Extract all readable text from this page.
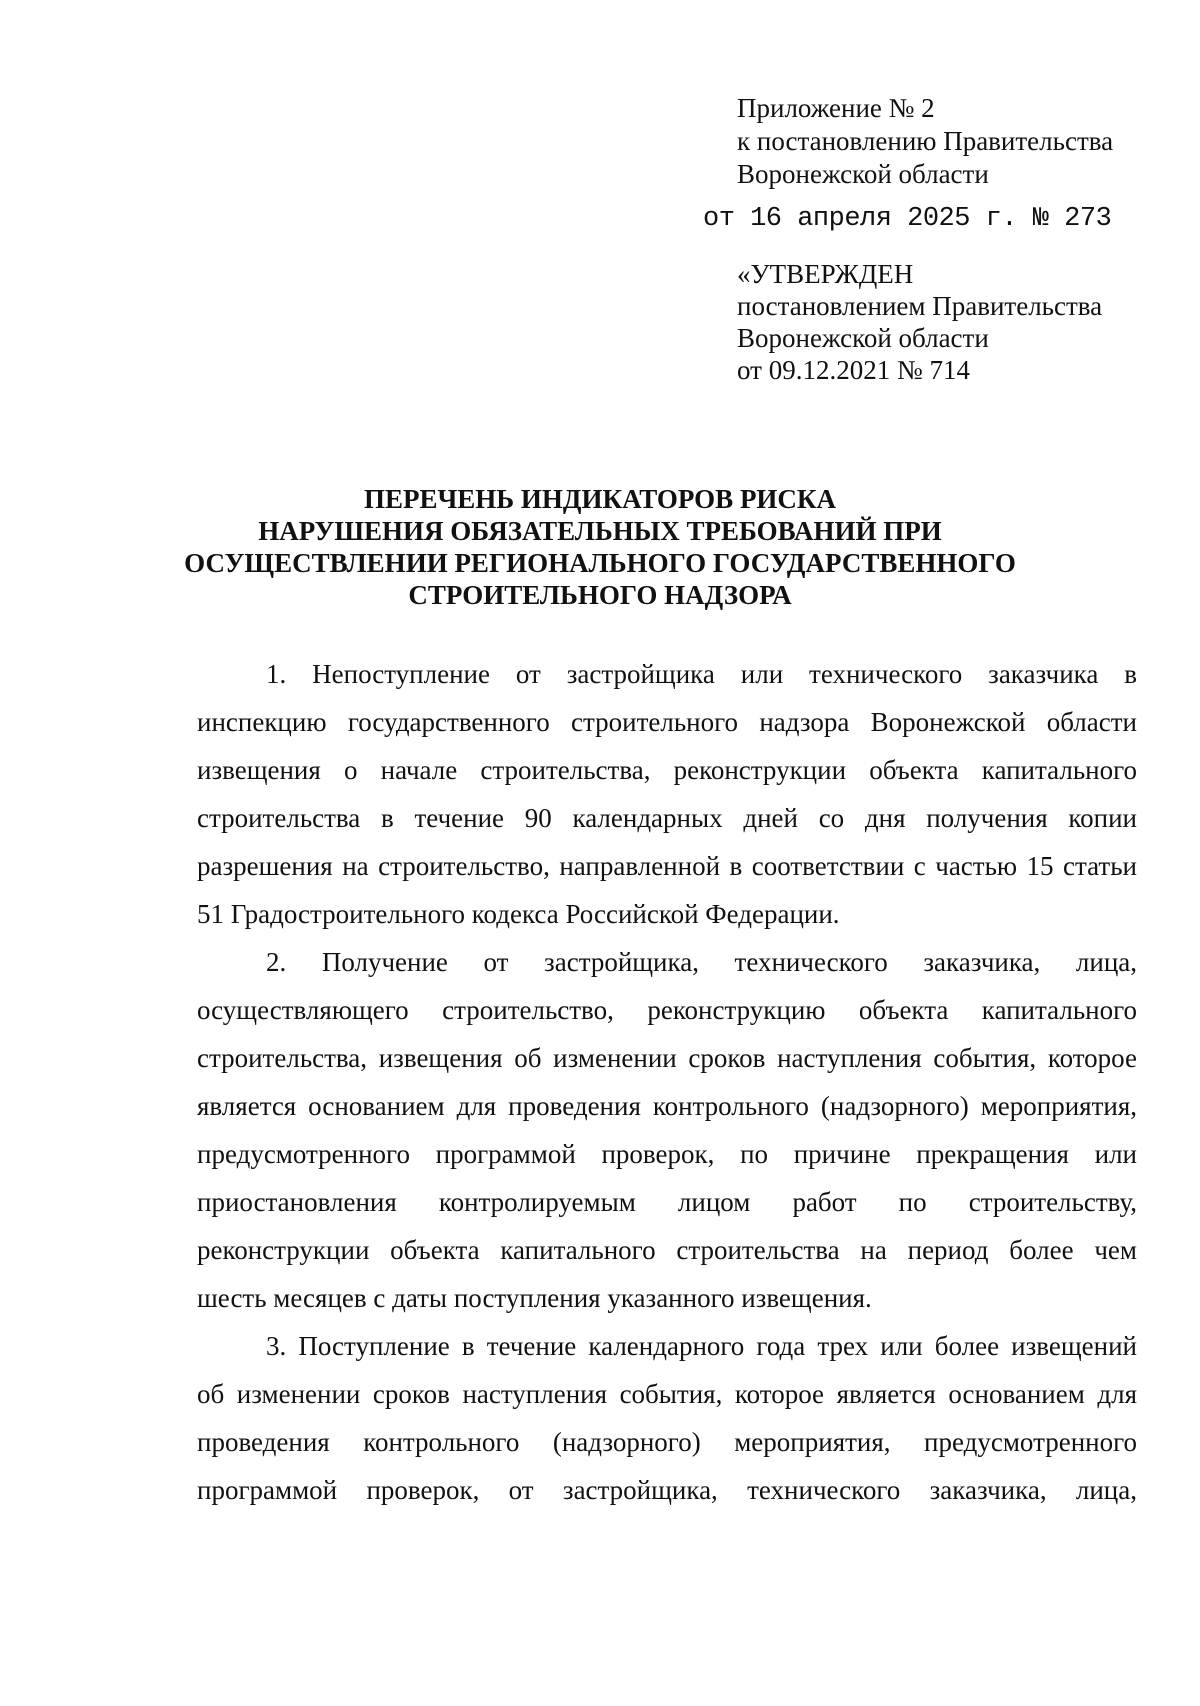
Приложение № 2
к постановлению Правительства
Воронежской области
от 16 апреля 2025 г. № 273
«УТВЕРЖДЕН
постановлением Правительства
Воронежской области
от 09.12.2021 № 714
ПЕРЕЧЕНЬ ИНДИКАТОРОВ РИСКА
НАРУШЕНИЯ ОБЯЗАТЕЛЬНЫХ ТРЕБОВАНИЙ ПРИ
ОСУЩЕСТВЛЕНИИ РЕГИОНАЛЬНОГО ГОСУДАРСТВЕННОГО
СТРОИТЕЛЬНОГО НАДЗОРА
1. Непоступление от застройщика или технического заказчика в
инспекцию государственного строительного надзора Воронежской области
извещения о начале строительства, реконструкции объекта капитального
строительства в течение 90 календарных дней со дня получения копии
разрешения на строительство, направленной в соответствии с частью 15 статьи
51 Градостроительного кодекса Российской Федерации.
2. Получение от застройщика, технического заказчика, лица,
осуществляющего строительство, реконструкцию объекта капитального
строительства, извещения об изменении сроков наступления события, которое
является основанием для проведения контрольного (надзорного) мероприятия,
предусмотренного программой проверок, по причине прекращения или
приостановления контролируемым лицом работ по строительству,
реконструкции объекта капитального строительства на период более чем
шесть месяцев с даты поступления указанного извещения.
3. Поступление в течение календарного года трех или более извещений
об изменении сроков наступления события, которое является основанием для
проведения контрольного (надзорного) мероприятия, предусмотренного
программой проверок, от застройщика, технического заказчика, лица,
